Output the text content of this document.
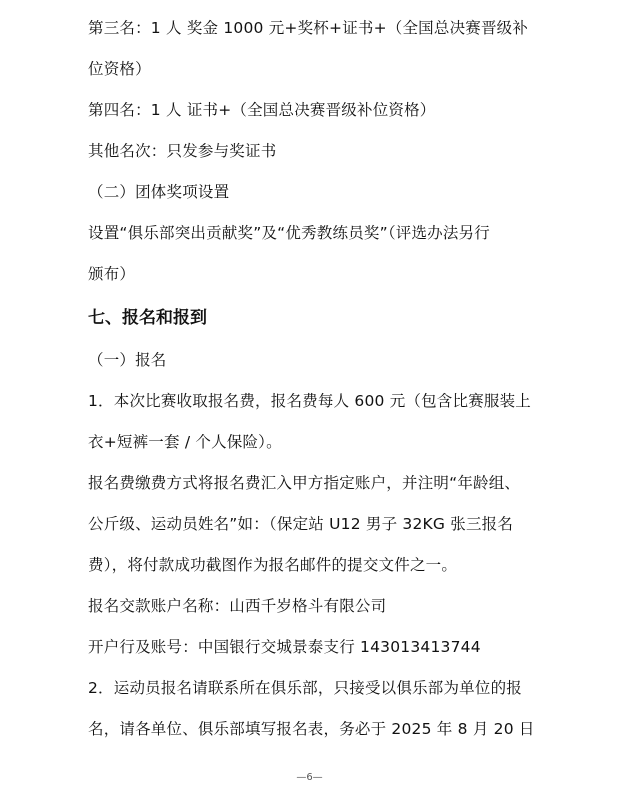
第三名：1 人 奖金 1000 元+奖杯+证书+（全国总决赛晋级补
位资格）
第四名：1 人 证书+（全国总决赛晋级补位资格）
其他名次：只发参与奖证书
（二）团体奖项设置
设置“俱乐部突出贡献奖”及“优秀教练员奖”（评选办法另行
颁布）
七、报名和报到
（一）报名
1．本次比赛收取报名费，报名费每人 600 元（包含比赛服装上
衣+短裤一套 / 个人保险）。
报名费缴费方式将报名费汇入甲方指定账户，并注明“年龄组、
公斤级、运动员姓名”如：（保定站 U12 男子 32KG 张三报名
费），将付款成功截图作为报名邮件的提交文件之一。
报名交款账户名称：山西千岁格斗有限公司
开户行及账号：中国银行交城景泰支行 143013413744
2．运动员报名请联系所在俱乐部，只接受以俱乐部为单位的报
名，请各单位、俱乐部填写报名表，务必于 2025 年 8 月 20 日
—6—
